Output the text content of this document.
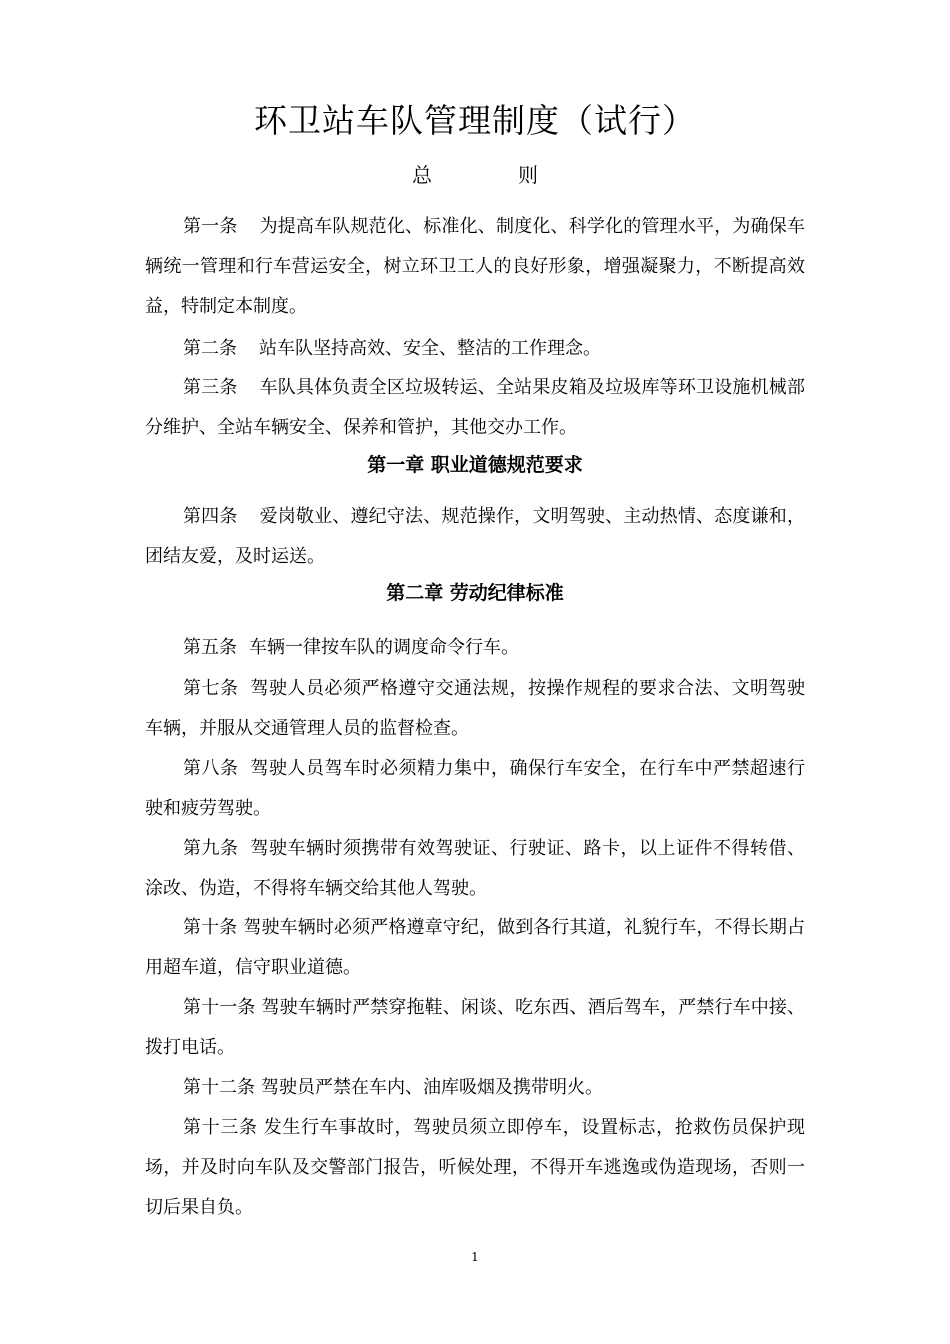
环卫站车队管理制度（试行）
总	则
第一条 为提高车队规范化、标准化、制度化、科学化的管理水平，为确保车辆统一管理和行车营运安全，树立环卫工人的良好形象，增强凝聚力，不断提高效益，特制定本制度。
第二条 站车队坚持高效、安全、整洁的工作理念。
第三条 车队具体负责全区垃圾转运、全站果皮箱及垃圾库等环卫设施机械部分维护、全站车辆安全、保养和管护，其他交办工作。
第一章 职业道德规范要求
第四条 爱岗敬业、遵纪守法、规范操作，文明驾驶、主动热情、态度谦和，团结友爱，及时运送。
第二章 劳动纪律标准
第五条 车辆一律按车队的调度命令行车。
第七条 驾驶人员必须严格遵守交通法规，按操作规程的要求合法、文明驾驶车辆，并服从交通管理人员的监督检查。
第八条 驾驶人员驾车时必须精力集中，确保行车安全，在行车中严禁超速行驶和疲劳驾驶。
第九条 驾驶车辆时须携带有效驾驶证、行驶证、路卡，以上证件不得转借、涂改、伪造，不得将车辆交给其他人驾驶。
第十条 驾驶车辆时必须严格遵章守纪，做到各行其道，礼貌行车，不得长期占用超车道，信守职业道德。
第十一条 驾驶车辆时严禁穿拖鞋、闲谈、吃东西、酒后驾车，严禁行车中接、拨打电话。
第十二条 驾驶员严禁在车内、油库吸烟及携带明火。
第十三条 发生行车事故时，驾驶员须立即停车，设置标志，抢救伤员保护现场，并及时向车队及交警部门报告，听候处理，不得开车逃逸或伪造现场，否则一切后果自负。
1
